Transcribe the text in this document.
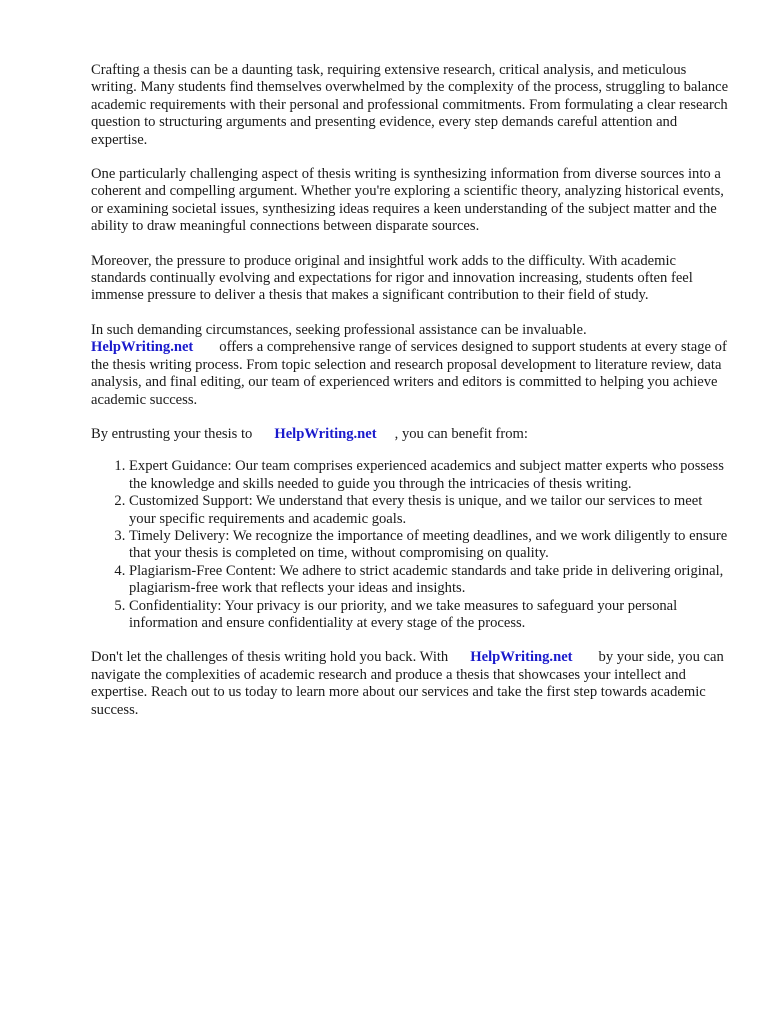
Crafting a thesis can be a daunting task, requiring extensive research, critical analysis, and meticulous writing. Many students find themselves overwhelmed by the complexity of the process, struggling to balance academic requirements with their personal and professional commitments. From formulating a clear research question to structuring arguments and presenting evidence, every step demands careful attention and expertise.

One particularly challenging aspect of thesis writing is synthesizing information from diverse sources into a coherent and compelling argument. Whether you're exploring a scientific theory, analyzing historical events, or examining societal issues, synthesizing ideas requires a keen understanding of the subject matter and the ability to draw meaningful connections between disparate sources.

Moreover, the pressure to produce original and insightful work adds to the difficulty. With academic standards continually evolving and expectations for rigor and innovation increasing, students often feel immense pressure to deliver a thesis that makes a significant contribution to their field of study.

In such demanding circumstances, seeking professional assistance can be invaluable.
HelpWriting.net offers a comprehensive range of services designed to support students at every stage of the thesis writing process. From topic selection and research proposal development to literature review, data analysis, and final editing, our team of experienced writers and editors is committed to helping you achieve academic success.

By entrusting your thesis to HelpWriting.net , you can benefit from:

1. Expert Guidance: Our team comprises experienced academics and subject matter experts who possess the knowledge and skills needed to guide you through the intricacies of thesis writing.
2. Customized Support: We understand that every thesis is unique, and we tailor our services to meet your specific requirements and academic goals.
3. Timely Delivery: We recognize the importance of meeting deadlines, and we work diligently to ensure that your thesis is completed on time, without compromising on quality.
4. Plagiarism-Free Content: We adhere to strict academic standards and take pride in delivering original, plagiarism-free work that reflects your ideas and insights.
5. Confidentiality: Your privacy is our priority, and we take measures to safeguard your personal information and ensure confidentiality at every stage of the process.

Don't let the challenges of thesis writing hold you back. With HelpWriting.net by your side, you can navigate the complexities of academic research and produce a thesis that showcases your intellect and expertise. Reach out to us today to learn more about our services and take the first step towards academic success.
